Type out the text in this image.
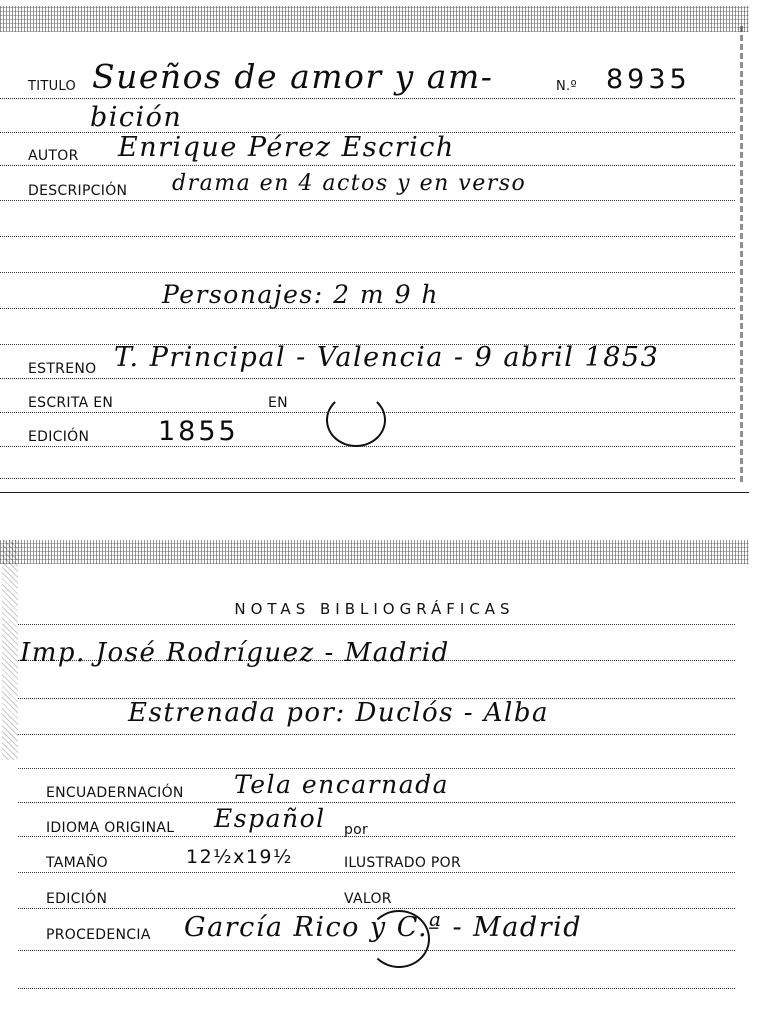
TITULO Sueños de amor y am-	N.º 8935
bición
AUTOR Enrique Pérez Escrich
DESCRIPCIÓN drama en 4 actos y en verso
Personajes: 2 m 9 h
ESTRENO T. Principal - Valencia - 9 abril 1853
ESCRITA EN	EN
EDICIÓN	1855
NOTAS BIBLIOGRÁFICAS
Imp. José Rodríguez - Madrid
Estrenada por: Duclós - Alba
ENCUADERNACIÓN Tela encarnada
IDIOMA ORIGINAL Español por
TAMAÑO	12½x19½	ILUSTRADO POR
EDICIÓN	VALOR
PROCEDENCIA García Rico y C.ª - Madrid
